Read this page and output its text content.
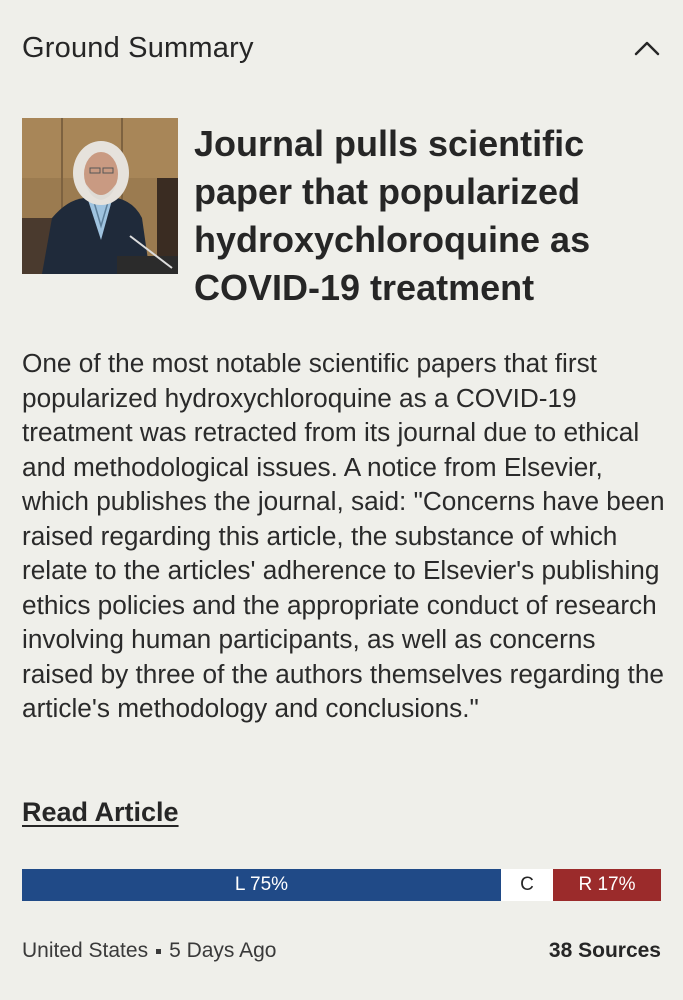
Ground Summary
Journal pulls scientific paper that popularized hydroxychloroquine as COVID-19 treatment

One of the most notable scientific papers that first popularized hydroxychloroquine as a COVID-19 treatment was retracted from its journal due to ethical and methodological issues. A notice from Elsevier, which publishes the journal, said: "Concerns have been raised regarding this article, the substance of which relate to the articles' adherence to Elsevier's publishing ethics policies and the appropriate conduct of research involving human participants, as well as concerns raised by three of the authors themselves regarding the article's methodology and conclusions."

Read Article
L 75%	C	R 17%
United States 5 Days Ago	38 Sources
